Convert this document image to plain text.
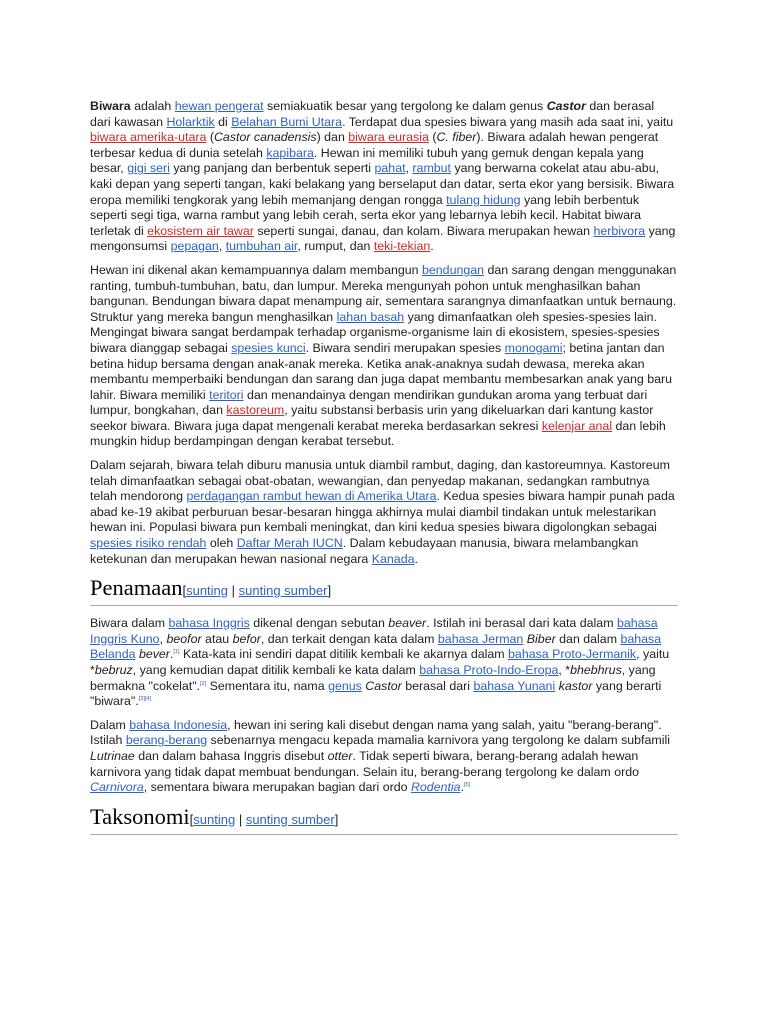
Biwara adalah hewan pengerat semiakuatik besar yang tergolong ke dalam genus Castor dan berasal dari kawasan Holarktik di Belahan Bumi Utara. Terdapat dua spesies biwara yang masih ada saat ini, yaitu biwara amerika-utara (Castor canadensis) dan biwara eurasia (C. fiber). Biwara adalah hewan pengerat terbesar kedua di dunia setelah kapibara. Hewan ini memiliki tubuh yang gemuk dengan kepala yang besar, gigi seri yang panjang dan berbentuk seperti pahat, rambut yang berwarna cokelat atau abu-abu, kaki depan yang seperti tangan, kaki belakang yang berselaput dan datar, serta ekor yang bersisik. Biwara eropa memiliki tengkorak yang lebih memanjang dengan rongga tulang hidung yang lebih berbentuk seperti segi tiga, warna rambut yang lebih cerah, serta ekor yang lebarnya lebih kecil. Habitat biwara terletak di ekosistem air tawar seperti sungai, danau, dan kolam. Biwara merupakan hewan herbivora yang mengonsumsi pepagan, tumbuhan air, rumput, dan teki-tekian.

Hewan ini dikenal akan kemampuannya dalam membangun bendungan dan sarang dengan menggunakan ranting, tumbuh-tumbuhan, batu, dan lumpur. Mereka mengunyah pohon untuk menghasilkan bahan bangunan. Bendungan biwara dapat menampung air, sementara sarangnya dimanfaatkan untuk bernaung. Struktur yang mereka bangun menghasilkan lahan basah yang dimanfaatkan oleh spesies-spesies lain. Mengingat biwara sangat berdampak terhadap organisme-organisme lain di ekosistem, spesies-spesies biwara dianggap sebagai spesies kunci. Biwara sendiri merupakan spesies monogami; betina jantan dan betina hidup bersama dengan anak-anak mereka. Ketika anak-anaknya sudah dewasa, mereka akan membantu memperbaiki bendungan dan sarang dan juga dapat membantu membesarkan anak yang baru lahir. Biwara memiliki teritori dan menandainya dengan mendirikan gundukan aroma yang terbuat dari lumpur, bongkahan, dan kastoreum, yaitu substansi berbasis urin yang dikeluarkan dari kantung kastor seekor biwara. Biwara juga dapat mengenali kerabat mereka berdasarkan sekresi kelenjar anal dan lebih mungkin hidup berdampingan dengan kerabat tersebut.

Dalam sejarah, biwara telah diburu manusia untuk diambil rambut, daging, dan kastoreumnya. Kastoreum telah dimanfaatkan sebagai obat-obatan, wewangian, dan penyedap makanan, sedangkan rambutnya telah mendorong perdagangan rambut hewan di Amerika Utara. Kedua spesies biwara hampir punah pada abad ke-19 akibat perburuan besar-besaran hingga akhirnya mulai diambil tindakan untuk melestarikan hewan ini. Populasi biwara pun kembali meningkat, dan kini kedua spesies biwara digolongkan sebagai spesies risiko rendah oleh Daftar Merah IUCN. Dalam kebudayaan manusia, biwara melambangkan ketekunan dan merupakan hewan nasional negara Kanada.

Penamaan[sunting | sunting sumber]

Biwara dalam bahasa Inggris dikenal dengan sebutan beaver. Istilah ini berasal dari kata dalam bahasa Inggris Kuno, beofor atau befor, dan terkait dengan kata dalam bahasa Jerman Biber dan dalam bahasa Belanda bever.[1] Kata-kata ini sendiri dapat ditilik kembali ke akarnya dalam bahasa Proto-Jermanik, yaitu *bebruz, yang kemudian dapat ditilik kembali ke kata dalam bahasa Proto-Indo-Eropa, *bhebhrus, yang bermakna "cokelat".[2] Sementara itu, nama genus Castor berasal dari bahasa Yunani kastor yang berarti "biwara".[3][4]

Dalam bahasa Indonesia, hewan ini sering kali disebut dengan nama yang salah, yaitu "berang-berang". Istilah berang-berang sebenarnya mengacu kepada mamalia karnivora yang tergolong ke dalam subfamili Lutrinae dan dalam bahasa Inggris disebut otter. Tidak seperti biwara, berang-berang adalah hewan karnivora yang tidak dapat membuat bendungan. Selain itu, berang-berang tergolong ke dalam ordo Carnivora, sementara biwara merupakan bagian dari ordo Rodentia.[5]

Taksonomi[sunting | sunting sumber]
